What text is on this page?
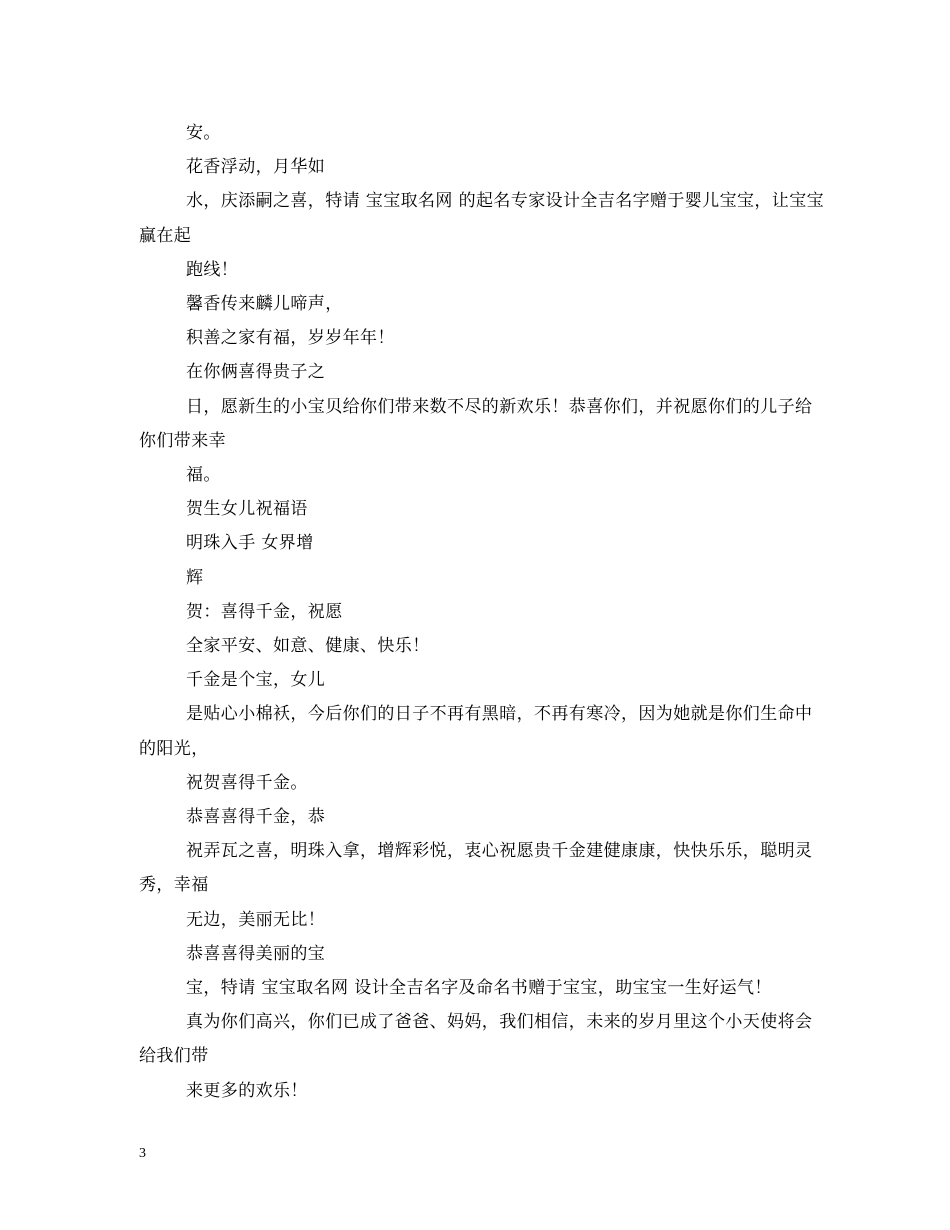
安。

花香浮动，月华如

水，庆添嗣之喜，特请 宝宝取名网 的起名专家设计全吉名字赠于婴儿宝宝，让宝宝赢在起

跑线！

馨香传来麟儿啼声，

积善之家有福，岁岁年年！

在你俩喜得贵子之

日，愿新生的小宝贝给你们带来数不尽的新欢乐！恭喜你们，并祝愿你们的儿子给你们带来幸

福。

贺生女儿祝福语

明珠入手 女界增

辉

贺：喜得千金，祝愿

全家平安、如意、健康、快乐！

千金是个宝，女儿

是贴心小棉袄，今后你们的日子不再有黑暗，不再有寒冷，因为她就是你们生命中的阳光，

祝贺喜得千金。

恭喜喜得千金，恭

祝弄瓦之喜，明珠入拿，增辉彩悦，衷心祝愿贵千金建健康康，快快乐乐，聪明灵秀，幸福

无边，美丽无比！

恭喜喜得美丽的宝

宝，特请 宝宝取名网 设计全吉名字及命名书赠于宝宝，助宝宝一生好运气！

真为你们高兴，你们已成了爸爸、妈妈，我们相信，未来的岁月里这个小天使将会给我们带

来更多的欢乐！

3
